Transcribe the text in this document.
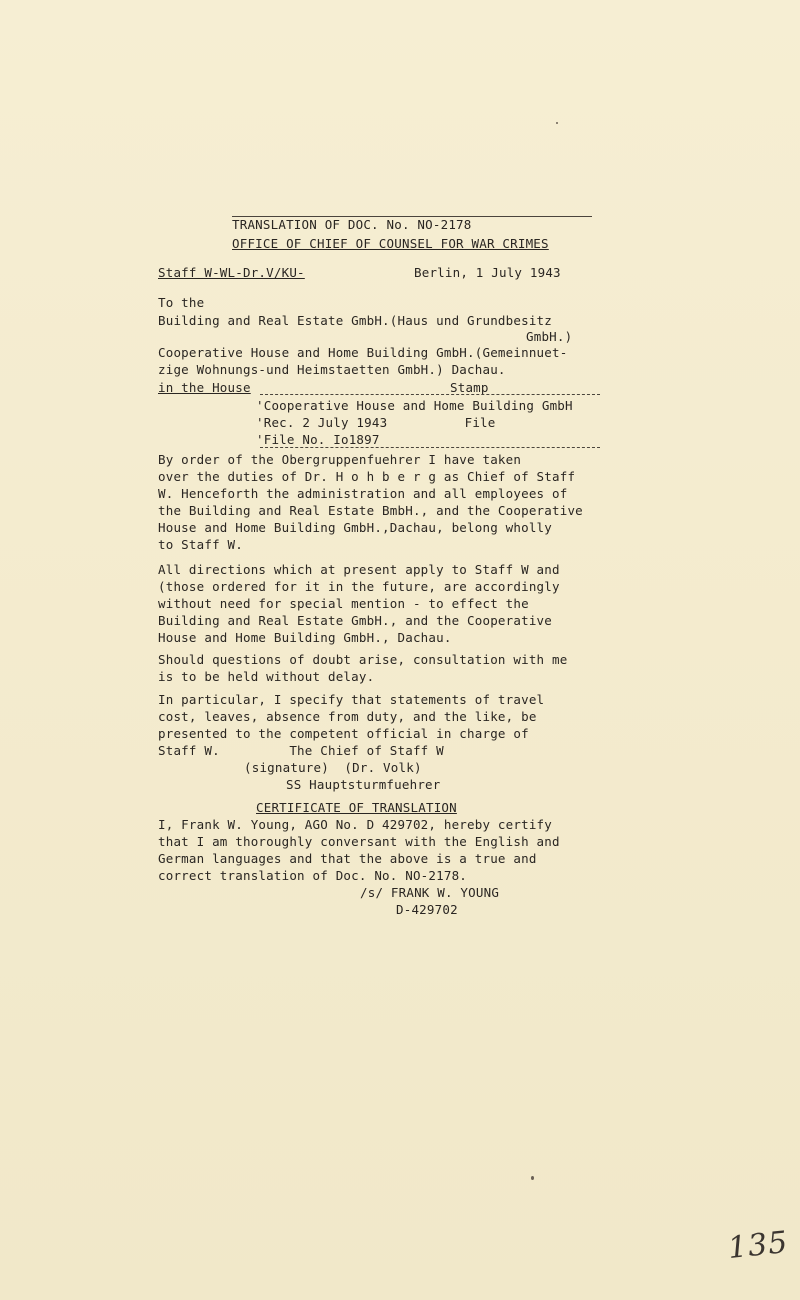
TRANSLATION OF DOC. No. NO-2178
OFFICE OF CHIEF OF COUNSEL FOR WAR CRIMES
Staff W-WL-Dr.V/KU-	Berlin, 1 July 1943
To the
Building and Real Estate GmbH.(Haus und Grundbesitz
GmbH.)
Cooperative House and Home Building GmbH.(Gemeinnuet-
zige Wohnungs-und Heimstaetten GmbH.) Dachau.
in the House	Stamp
'Cooperative House and Home Building GmbH
'Rec. 2 July 1943          File
'File No. Io1897
By order of the Obergruppenfuehrer I have taken
over the duties of Dr. H o h b e r g as Chief of Staff
W. Henceforth the administration and all employees of
the Building and Real Estate BmbH., and the Cooperative
House and Home Building GmbH.,Dachau, belong wholly
to Staff W.
All directions which at present apply to Staff W and
(those ordered for it in the future, are accordingly
without need for special mention - to effect the
Building and Real Estate GmbH., and the Cooperative
House and Home Building GmbH., Dachau.
Should questions of doubt arise, consultation with me
is to be held without delay.
In particular, I specify that statements of travel
cost, leaves, absence from duty, and the like, be
presented to the competent official in charge of
Staff W.         The Chief of Staff W
(signature)  (Dr. Volk)
SS Hauptsturmfuehrer
CERTIFICATE OF TRANSLATION
I, Frank W. Young, AGO No. D 429702, hereby certify
that I am thoroughly conversant with the English and
German languages and that the above is a true and
correct translation of Doc. No. NO-2178.
/s/ FRANK W. YOUNG
D-429702
135
